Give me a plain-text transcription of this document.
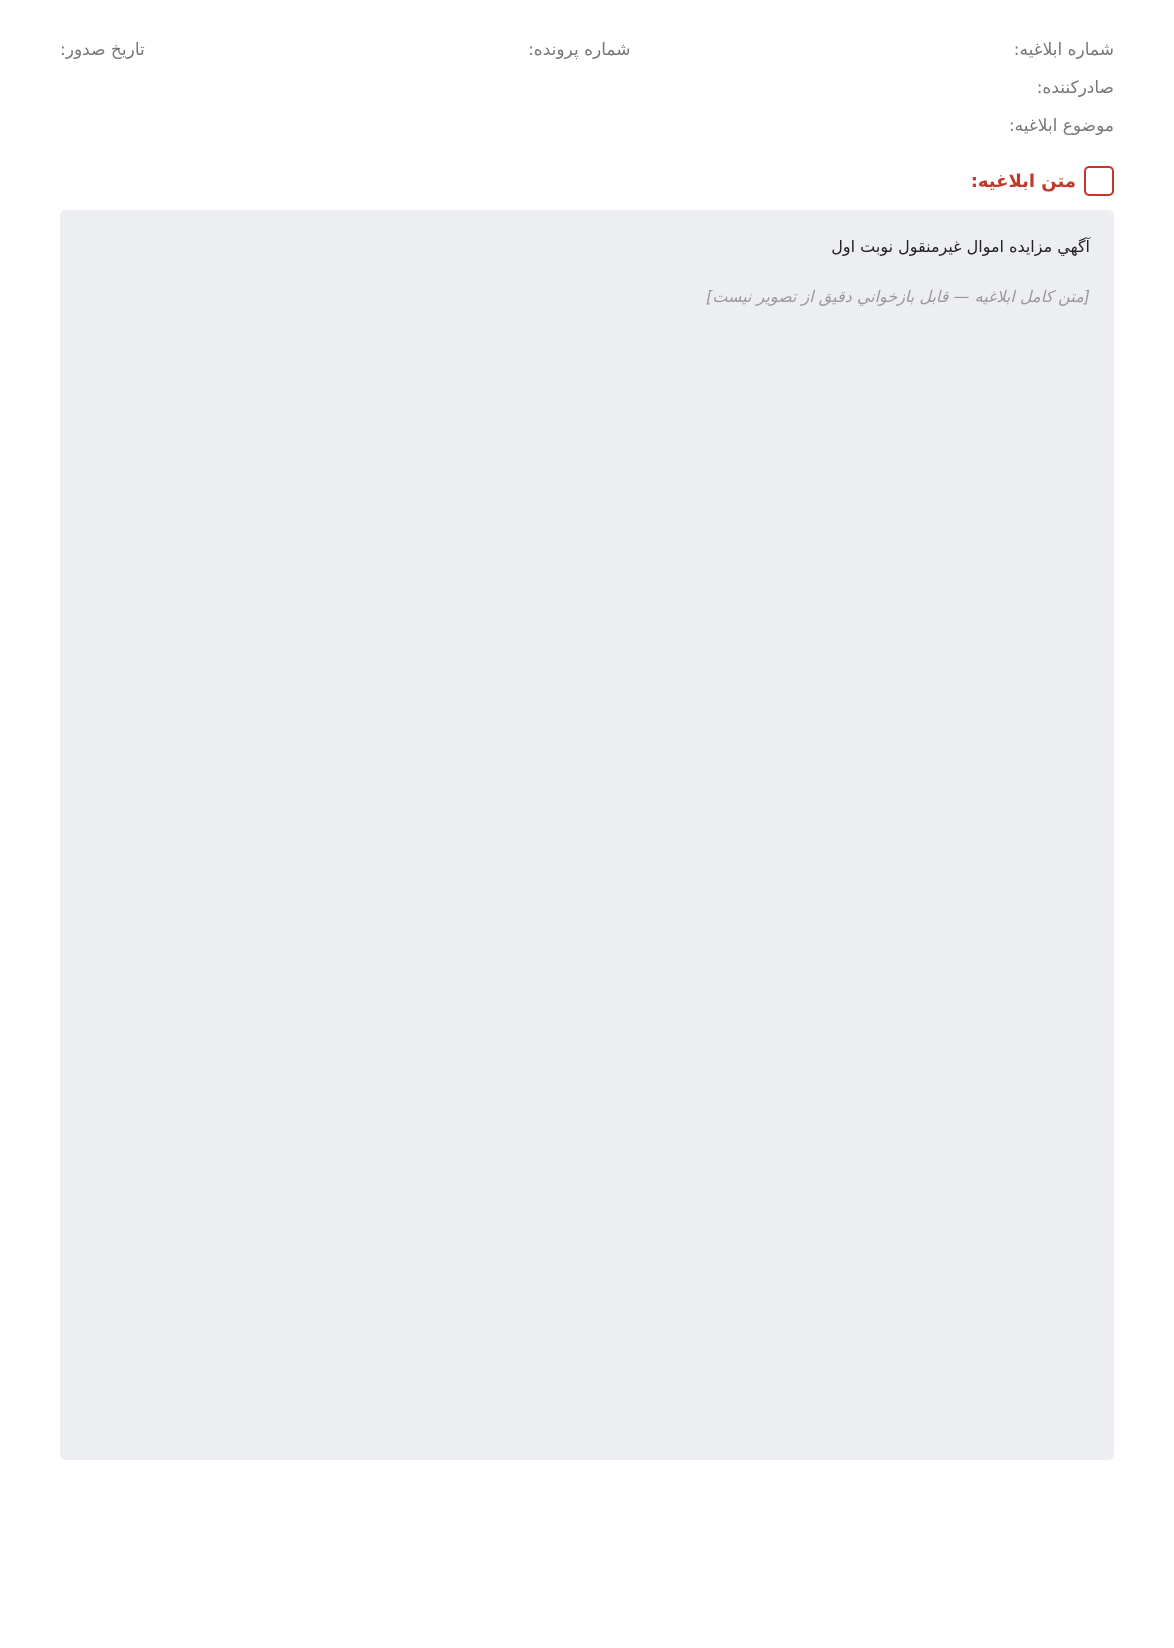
شماره ابلاغيه:
شماره پرونده:
تاريخ صدور:
صادرکننده:
موضوع ابلاغيه:
متن ابلاغيه:

آگهي مزايده اموال غيرمنقول نوبت اول

[متن کامل ابلاغيه — قابل بازخواني دقيق از تصوير نيست]
